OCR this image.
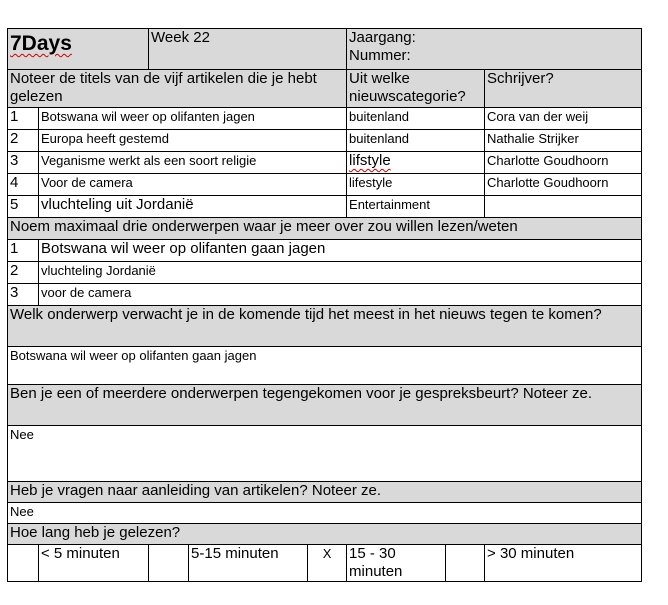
7Days		Week 22			Jaargang:
Nummer:		
Noteer de titels van de vijf artikelen die je hebt gelezen					Uit welke nieuwscategorie?		Schrijver?
1	Botswana wil weer op olifanten jagen				buitenland		Cora van der weij
2	Europa heeft gestemd				buitenland		Nathalie Strijker
3	Veganisme werkt als een soort religie				lifstyle		Charlotte Goudhoorn
4	Voor de camera				lifestyle		Charlotte Goudhoorn
5	vluchteling uit Jordanië				Entertainment		
Noem maximaal drie onderwerpen waar je meer over zou willen lezen/weten							
1	Botswana wil weer op olifanten gaan jagen						
2	vluchteling Jordanië						
3	voor de camera						
Welk onderwerp verwacht je in de komende tijd het meest in het nieuws tegen te komen?							
Botswana wil weer op olifanten gaan jagen							
Ben je een of meerdere onderwerpen tegengekomen voor je gespreksbeurt? Noteer ze.							
Nee							
Heb je vragen naar aanleiding van artikelen? Noteer ze.							
Nee							
Hoe lang heb je gelezen?							
	< 5 minuten		5-15 minuten	X	15 - 30 minuten		> 30 minuten
